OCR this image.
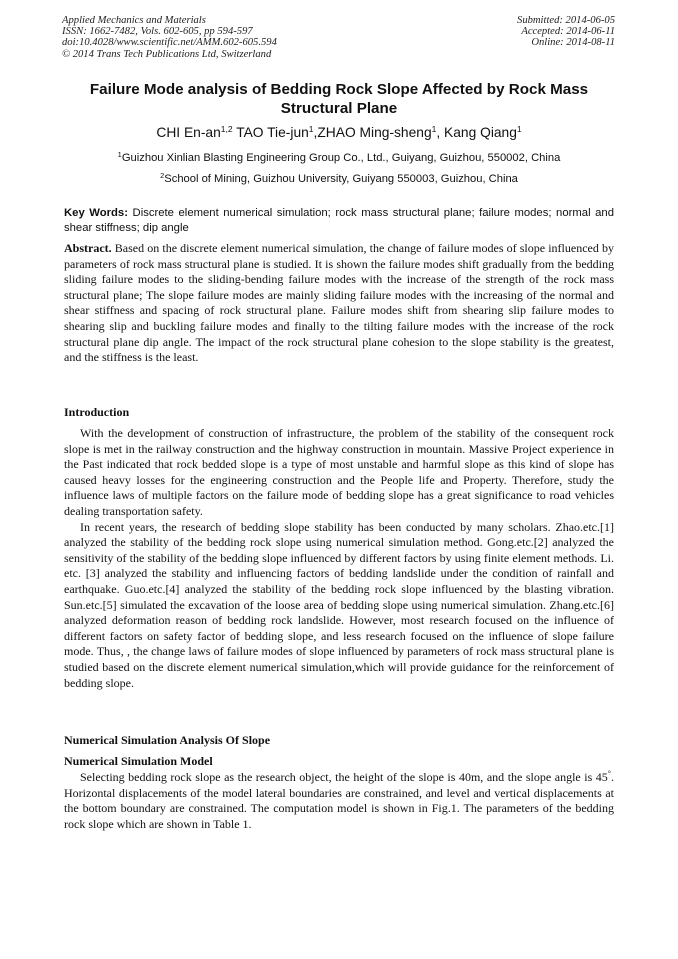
Applied Mechanics and Materials
ISSN: 1662-7482, Vols. 602-605, pp 594-597
doi:10.4028/www.scientific.net/AMM.602-605.594
© 2014 Trans Tech Publications Ltd, Switzerland
Submitted: 2014-06-05
Accepted: 2014-06-11
Online: 2014-08-11
Failure Mode analysis of Bedding Rock Slope Affected by Rock Mass Structural Plane
CHI En-an$^{1,2}$ TAO Tie-jun$^1$,ZHAO Ming-sheng$^1$, Kang Qiang$^1$
$^1$Guizhou Xinlian Blasting Engineering Group Co., Ltd., Guiyang, Guizhou, 550002, China
$^2$School of Mining, Guizhou University, Guiyang 550003, Guizhou, China
Key Words: Discrete element numerical simulation; rock mass structural plane; failure modes; normal and shear stiffness; dip angle
Abstract. Based on the discrete element numerical simulation, the change of failure modes of slope influenced by parameters of rock mass structural plane is studied. It is shown the failure modes shift gradually from the bedding sliding failure modes to the sliding-bending failure modes with the increase of the strength of the rock mass structural plane; The slope failure modes are mainly sliding failure modes with the increasing of the normal and shear stiffness and spacing of rock structural plane. Failure modes shift from shearing slip failure modes to shearing slip and buckling failure modes and finally to the tilting failure modes with the increase of the rock structural plane dip angle. The impact of the rock structural plane cohesion to the slope stability is the greatest, and the stiffness is the least.
Introduction

With the development of construction of infrastructure, the problem of the stability of the consequent rock slope is met in the railway construction and the highway construction in mountain. Massive Project experience in the Past indicated that rock bedded slope is a type of most unstable and harmful slope as this kind of slope has caused heavy losses for the engineering construction and the People life and Property. Therefore, study the influence laws of multiple factors on the failure mode of bedding slope has a great significance to road vehicles dealing transportation safety.

In recent years, the research of bedding slope stability has been conducted by many scholars. Zhao.etc.[1] analyzed the stability of the bedding rock slope using numerical simulation method. Gong.etc.[2] analyzed the sensitivity of the stability of the bedding slope influenced by different factors by using finite element methods. Li. etc. [3] analyzed the stability and influencing factors of bedding landslide under the condition of rainfall and earthquake. Guo.etc.[4] analyzed the stability of the bedding rock slope influenced by the blasting vibration. Sun.etc.[5] simulated the excavation of the loose area of bedding slope using numerical simulation. Zhang.etc.[6] analyzed deformation reason of bedding rock landslide. However, most research focused on the influence of different factors on safety factor of bedding slope, and less research focused on the influence of slope failure mode. Thus, , the change laws of failure modes of slope influenced by parameters of rock mass structural plane is studied based on the discrete element numerical simulation,which will provide guidance for the reinforcement of bedding slope.

Numerical Simulation Analysis Of Slope
Numerical Simulation Model

Selecting bedding rock slope as the research object, the height of the slope is 40m, and the slope angle is 45°. Horizontal displacements of the model lateral boundaries are constrained, and level and vertical displacements at the bottom boundary are constrained. The computation model is shown in Fig.1. The parameters of the bedding rock slope which are shown in Table 1.
